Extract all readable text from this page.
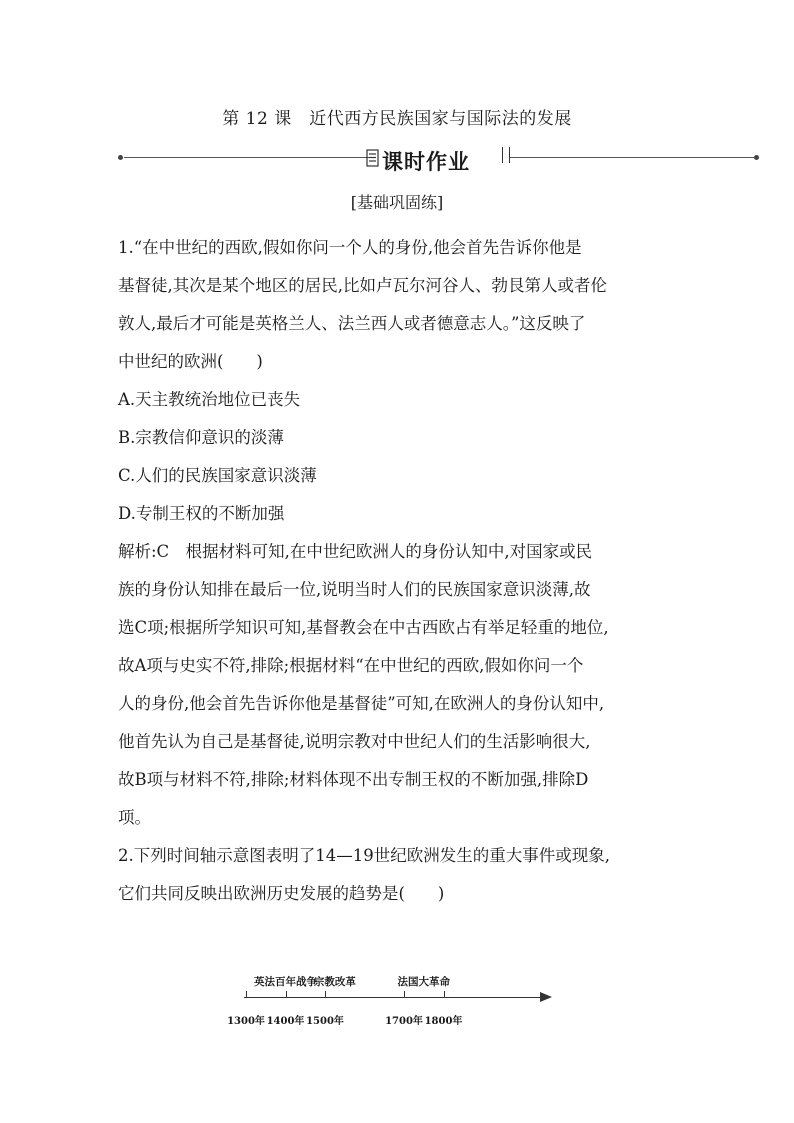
第 12 课　近代西方民族国家与国际法的发展
课时作业
[基础巩固练]
1.“在中世纪的西欧,假如你问一个人的身份,他会首先告诉你他是
基督徒,其次是某个地区的居民,比如卢瓦尔河谷人、勃艮第人或者伦
敦人,最后才可能是英格兰人、法兰西人或者德意志人。”这反映了
中世纪的欧洲(　　)
A.天主教统治地位已丧失
B.宗教信仰意识的淡薄
C.人们的民族国家意识淡薄
D.专制王权的不断加强
解析:C　根据材料可知,在中世纪欧洲人的身份认知中,对国家或民
族的身份认知排在最后一位,说明当时人们的民族国家意识淡薄,故
选C项;根据所学知识可知,基督教会在中古西欧占有举足轻重的地位,
故A项与史实不符,排除;根据材料“在中世纪的西欧,假如你问一个
人的身份,他会首先告诉你他是基督徒”可知,在欧洲人的身份认知中,
他首先认为自己是基督徒,说明宗教对中世纪人们的生活影响很大,
故B项与材料不符,排除;材料体现不出专制王权的不断加强,排除D
项。
2.下列时间轴示意图表明了14—19世纪欧洲发生的重大事件或现象,
它们共同反映出欧洲历史发展的趋势是(　　)
1300年 1400年 1500年	1700年 1800年
英法百年战争
宗教改革	法国大革命
